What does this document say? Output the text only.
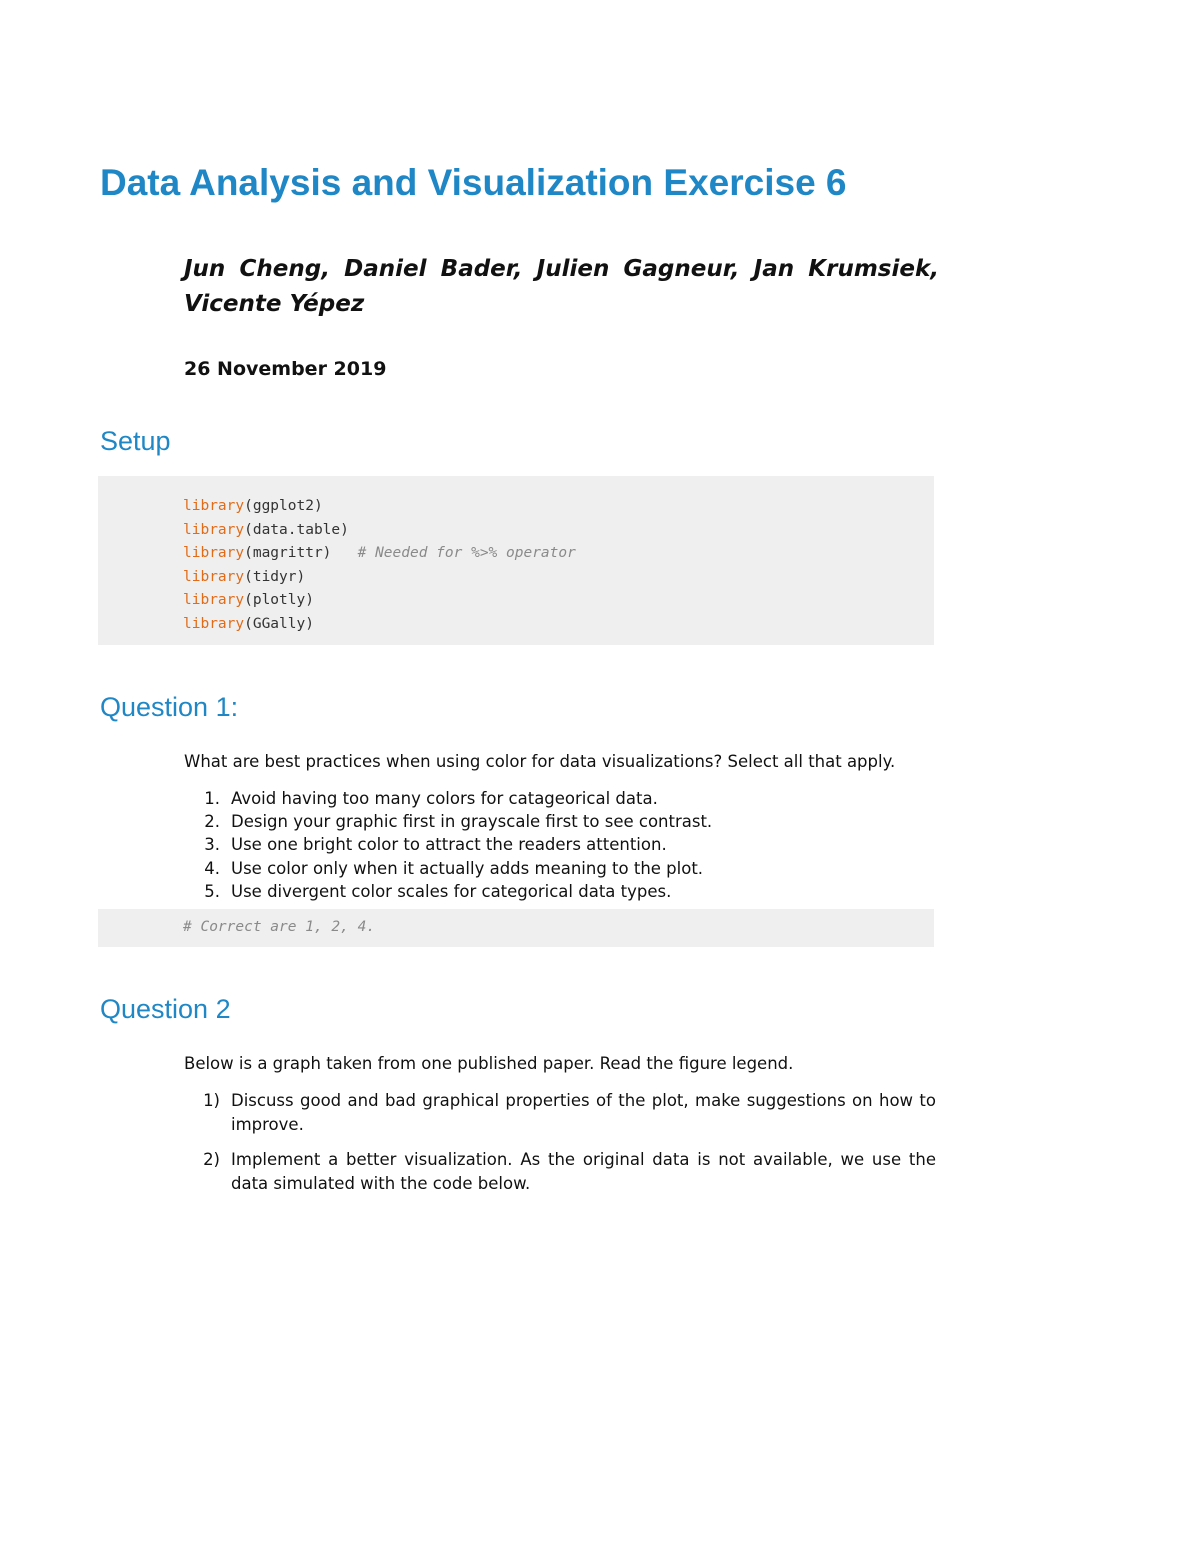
Data Analysis and Visualization Exercise 6

Jun Cheng, Daniel Bader, Julien Gagneur, Jan Krumsiek, Vicente Yépez

26 November 2019

Setup
library(ggplot2)
library(data.table)
library(magrittr)   # Needed for %>% operator
library(tidyr)
library(plotly)
library(GGally)
Question 1:

What are best practices when using color for data visualizations? Select all that apply.

1. Avoid having too many colors for catageorical data.
2. Design your graphic first in grayscale first to see contrast.
3. Use one bright color to attract the readers attention.
4. Use color only when it actually adds meaning to the plot.
5. Use divergent color scales for categorical data types.
# Correct are 1, 2, 4.
Question 2

Below is a graph taken from one published paper. Read the figure legend.

1) Discuss good and bad graphical properties of the plot, make suggestions on how to improve.
2) Implement a better visualization. As the original data is not available, we use the data simulated with the code below.
